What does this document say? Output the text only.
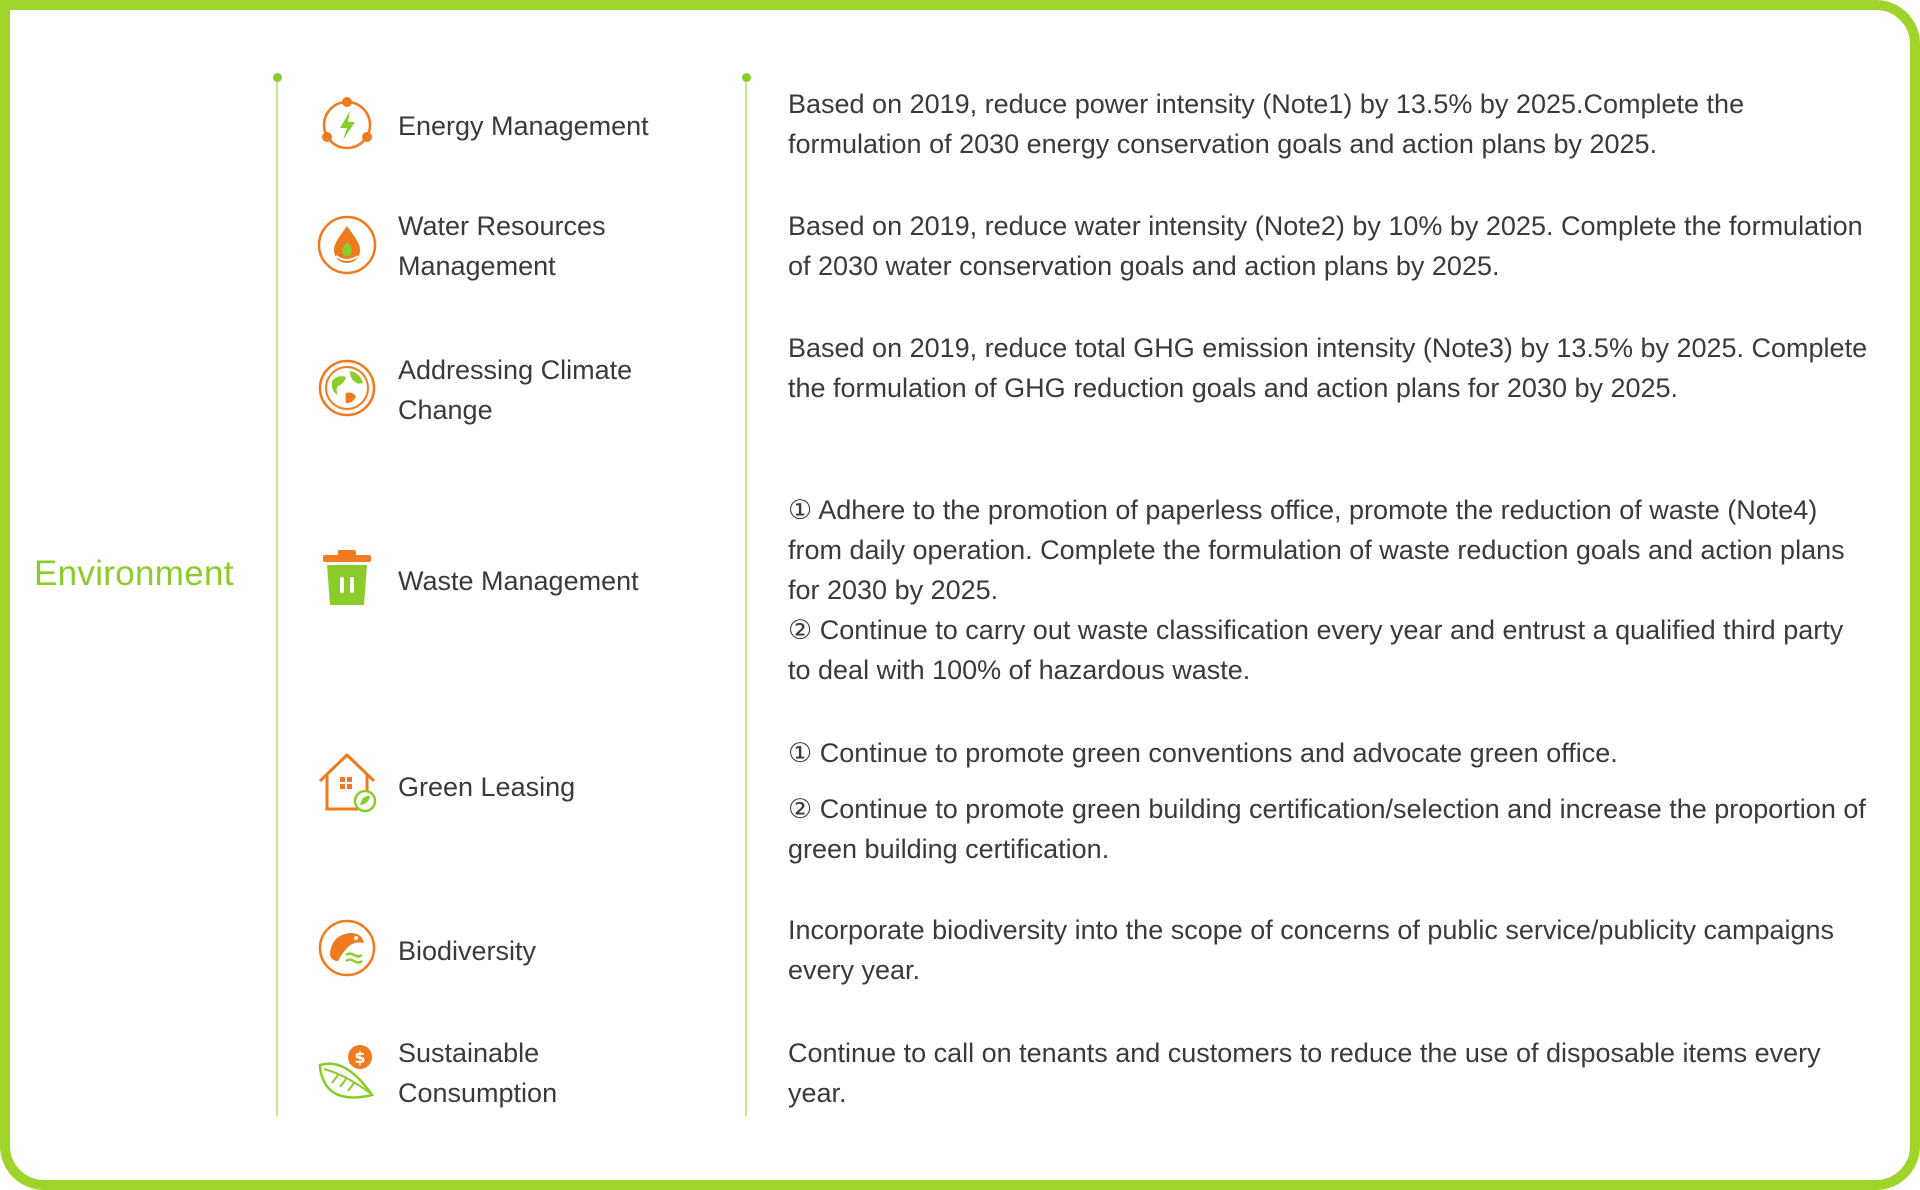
Environment
Energy Management

Based on 2019, reduce power intensity (Note1) by 13.5% by 2025.Complete the formulation of 2030 energy conservation goals and action plans by 2025.

Water Resources Management

Based on 2019, reduce water intensity (Note2) by 10% by 2025. Complete the formulation of 2030 water conservation goals and action plans by 2025.

Addressing Climate Change

Based on 2019, reduce total GHG emission intensity (Note3) by 13.5% by 2025. Complete the formulation of GHG reduction goals and action plans for 2030 by 2025.

Waste Management

① Adhere to the promotion of paperless office, promote the reduction of waste (Note4) from daily operation. Complete the formulation of waste reduction goals and action plans for 2030 by 2025.

② Continue to carry out waste classification every year and entrust a qualified third party to deal with 100% of hazardous waste.

Green Leasing

① Continue to promote green conventions and advocate green office.

② Continue to promote green building certification/selection and increase the proportion of green building certification.

Biodiversity

Incorporate biodiversity into the scope of concerns of public service/publicity campaigns every year.

$ Sustainable Consumption

Continue to call on tenants and customers to reduce the use of disposable items every year.
